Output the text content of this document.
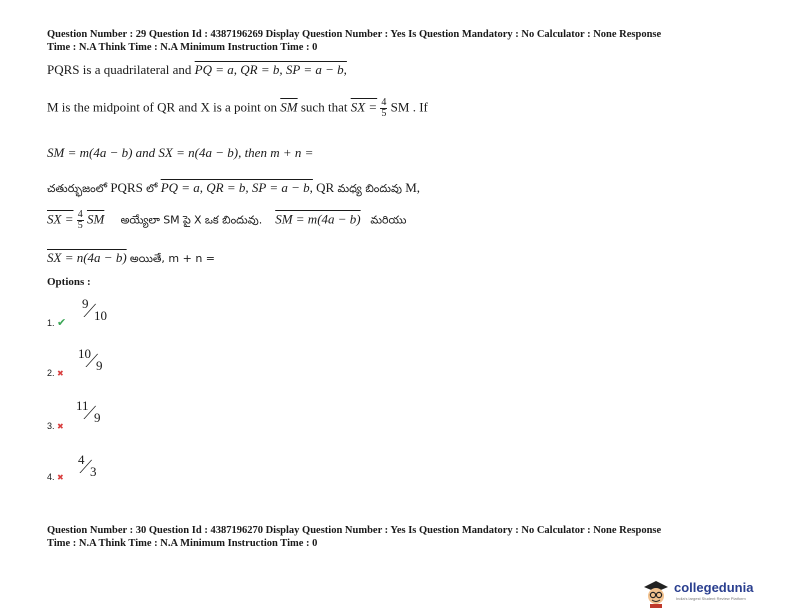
Question Number : 29 Question Id : 4387196269 Display Question Number : Yes Is Question Mandatory : No Calculator : None Response
Time : N.A Think Time : N.A Minimum Instruction Time : 0
PQRS is a quadrilateral and PQ = a, QR = b, SP = a − b,
M is the midpoint of QR and X is a point on $\overline{SM}$ such that SX = $\frac{4}{5}$ SM . If
SM = m(4a − b) and SX = n(4a − b), then m + n =
చతుర్భుజంలో PQRS లో PQ = a, QR = b, SP = a − b, QR మధ్య బిందువు M,
SX = $\frac{4}{5} \overline{SM}$ అయ్యేలా SM పై X ఒక బిందువు. SM = m(4a − b) మరియు
SX = n(4a − b) అయితే, m + n =
Options :
1. ✔
9
⁄ 10
2. ✖
10
⁄ 9
3. ✖
11
⁄ 9
4. ✖
4
⁄ 3
Question Number : 30 Question Id : 4387196270 Display Question Number : Yes Is Question Mandatory : No Calculator : None Response
Time : N.A Think Time : N.A Minimum Instruction Time : 0
collegedunia
India's largest Student Review Platform
